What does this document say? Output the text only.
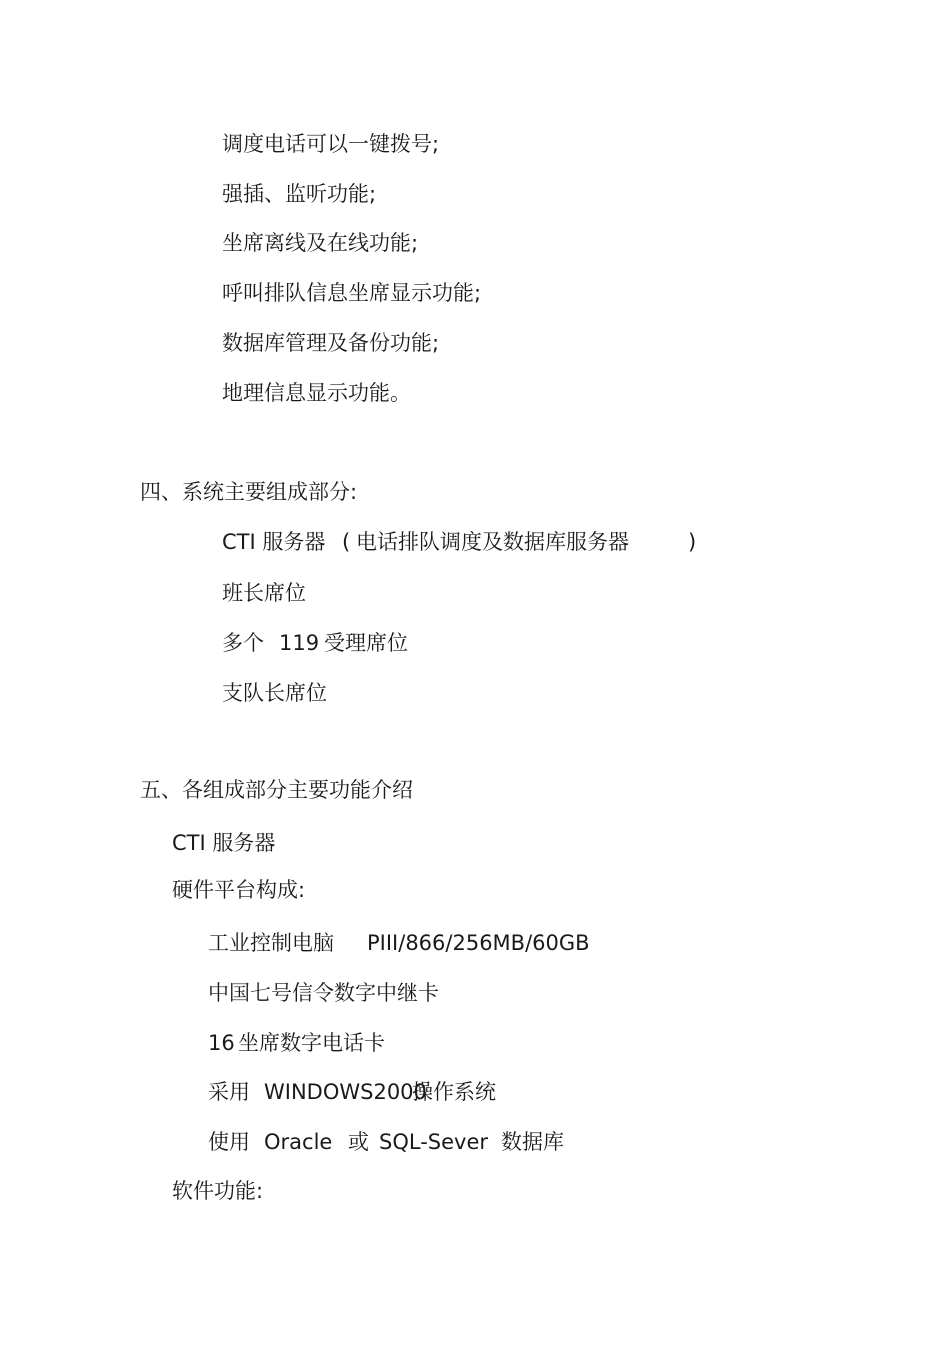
调度电话可以一键拨号;
强插、监听功能;
坐席离线及在线功能;
呼叫排队信息坐席显示功能;
数据库管理及备份功能;
地理信息显示功能。
四、系统主要组成部分:

CTI 服务器

(

电话排队调度及数据库服务器

	)

班长席位

多个

119

受理席位

支队长席位
五、各组成部分主要功能介绍
CTI 服务器
硬件平台构成:

工业控制电脑

PIII/866/256MB/60GB

中国七号信令数字中继卡

16

坐席数字电话卡

采用

WINDOWS2000

操作系统

使用

Oracle

或

SQL-Sever

数据库

软件功能:
